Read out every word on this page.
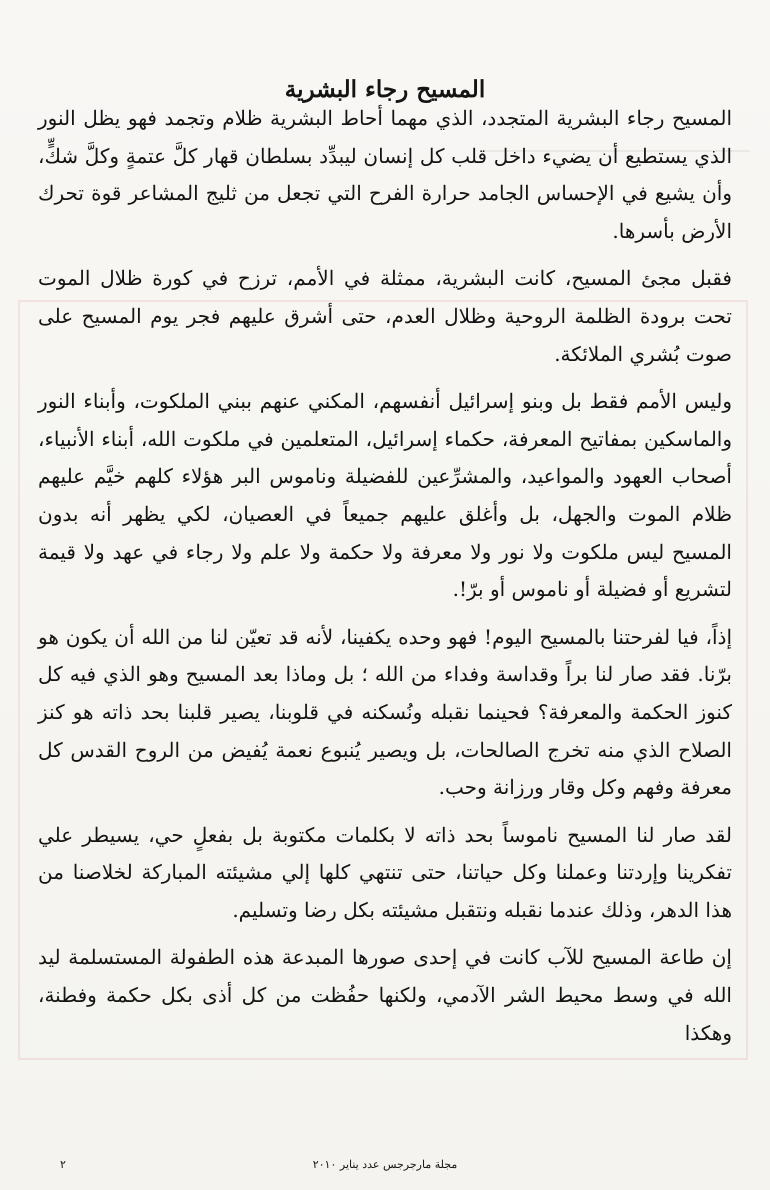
المسيح رجاء البشرية

المسيح رجاء البشرية المتجدد، الذي مهما أحاط البشرية ظلام وتجمد فهو يظل النور الذي يستطيع أن يضيء داخل قلب كل إنسان ليبدِّد بسلطان قهار كلَّ عتمةٍ وكلَّ شكٍّ، وأن يشيع في الإحساس الجامد حرارة الفرح التي تجعل من ثليج المشاعر قوة تحرك الأرض بأسرها.

فقبل مجئ المسيح، كانت البشرية، ممثلة في الأمم، ترزح في كورة ظلال الموت تحت برودة الظلمة الروحية وظلال العدم، حتى أشرق عليهم فجر يوم المسيح على صوت بُشري الملائكة.

وليس الأمم فقط بل وبنو إسرائيل أنفسهم، المكني عنهم ببني الملكوت، وأبناء النور والماسكين بمفاتيح المعرفة، حكماء إسرائيل، المتعلمين في ملكوت الله، أبناء الأنبياء، أصحاب العهود والمواعيد، والمشرِّعين للفضيلة وناموس البر هؤلاء كلهم خيَّم عليهم ظلام الموت والجهل، بل وأغلق عليهم جميعاً في العصيان، لكي يظهر أنه بدون المسيح ليس ملكوت ولا نور ولا معرفة ولا حكمة ولا علم ولا رجاء في عهد ولا قيمة لتشريع أو فضيلة أو ناموس أو برّ!.

إذاً، فيا لفرحتنا بالمسيح اليوم! فهو وحده يكفينا، لأنه قد تعيّن لنا من الله أن يكون هو برّنا. فقد صار لنا براً وقداسة وفداء من الله ؛ بل وماذا بعد المسيح وهو الذي فيه كل كنوز الحكمة والمعرفة؟ فحينما نقبله ونُسكنه في قلوبنا، يصير قلبنا بحد ذاته هو كنز الصلاح الذي منه تخرج الصالحات، بل ويصير يُنبوع نعمة يُفيض من الروح القدس كل معرفة وفهم وكل وقار ورزانة وحب.

لقد صار لنا المسيح ناموساً بحد ذاته لا بكلمات مكتوبة بل بفعلٍ حي، يسيطر علي تفكرينا وإردتنا وعملنا وكل حياتنا، حتى تنتهي كلها إلي مشيئته المباركة لخلاصنا من هذا الدهر، وذلك عندما نقبله ونتقبل مشيئته بكل رضا وتسليم.

إن طاعة المسيح للآب كانت في إحدى صورها المبدعة هذه الطفولة المستسلمة ليد الله في وسط محيط الشر الآدمي، ولكنها حفُظت من كل أذى بكل حكمة وفطنة، وهكذا

مجلة مارجرجس عدد يناير ٢٠١٠
٢
